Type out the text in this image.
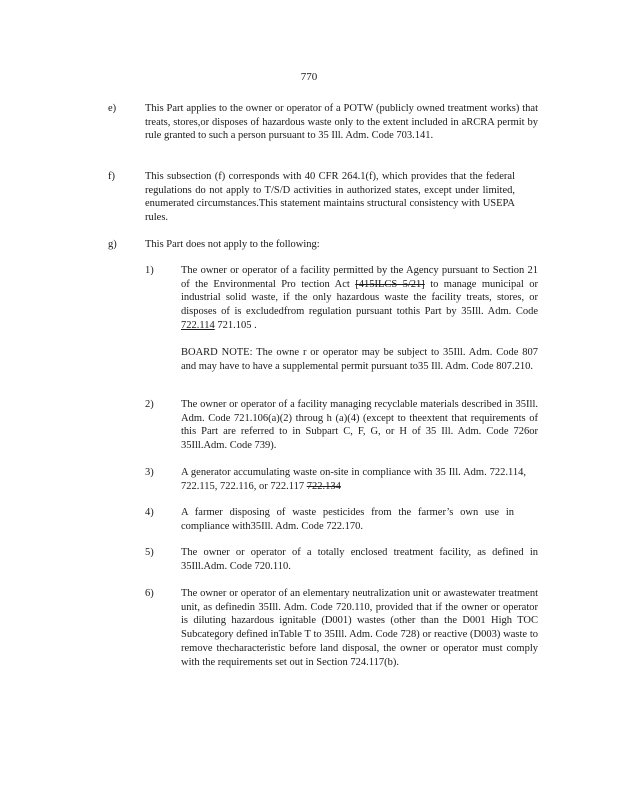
770
e)	This Part applies to the owner or operator of a POTW (publicly owned treatment works) that treats, stores,or disposes of hazardous waste only to the extent included in aRCRA permit by rule granted to such a person pursuant to 35 Ill. Adm. Code 703.141.
f)	This subsection (f) corresponds with 40 CFR 264.1(f), which provides that the federal regulations do not apply to T/S/D activities in authorized states, except under limited, enumerated circumstances.This statement maintains structural consistency with USEPA rules.
g)	This Part does not apply to the following:
1)	The owner or operator of a facility permitted by the Agency pursuant to Section 21 of the Environmental Pro tection Act [415ILCS 5/21] to manage municipal or industrial solid waste, if the only hazardous waste the facility treats, stores, or disposes of is excludedfrom regulation pursuant tothis Part by 35Ill. Adm. Code 722.114 721.105 .
BOARD NOTE: The owne r or operator may be subject to 35Ill. Adm. Code 807 and may have to have a supplemental permit pursuant to35 Ill. Adm. Code 807.210.
2)	The owner or operator of a facility managing recyclable materials described in 35Ill. Adm. Code 721.106(a)(2) throug h (a)(4) (except to theextent that requirements of this Part are referred to in Subpart C, F, G, or H of 35 Ill. Adm. Code 726or 35Ill.Adm. Code 739).
3)	A generator accumulating waste on-site in compliance with 35 Ill. Adm. 722.114, 722.115, 722.116, or 722.117 722.134
4)	A farmer disposing of waste pesticides from the farmer’s own use in compliance with35Ill. Adm. Code 722.170.
5)	The owner or operator of a totally enclosed treatment facility, as defined in 35Ill.Adm. Code 720.110.
6)	The owner or operator of an elementary neutralization unit or awastewater treatment unit, as definedin 35Ill. Adm. Code 720.110, provided that if the owner or operator is diluting hazardous ignitable (D001) wastes (other than the D001 High TOC Subcategory defined inTable T to 35Ill. Adm. Code 728) or reactive (D003) waste to remove thecharacteristic before land disposal, the owner or operator must comply with the requirements set out in Section 724.117(b).
